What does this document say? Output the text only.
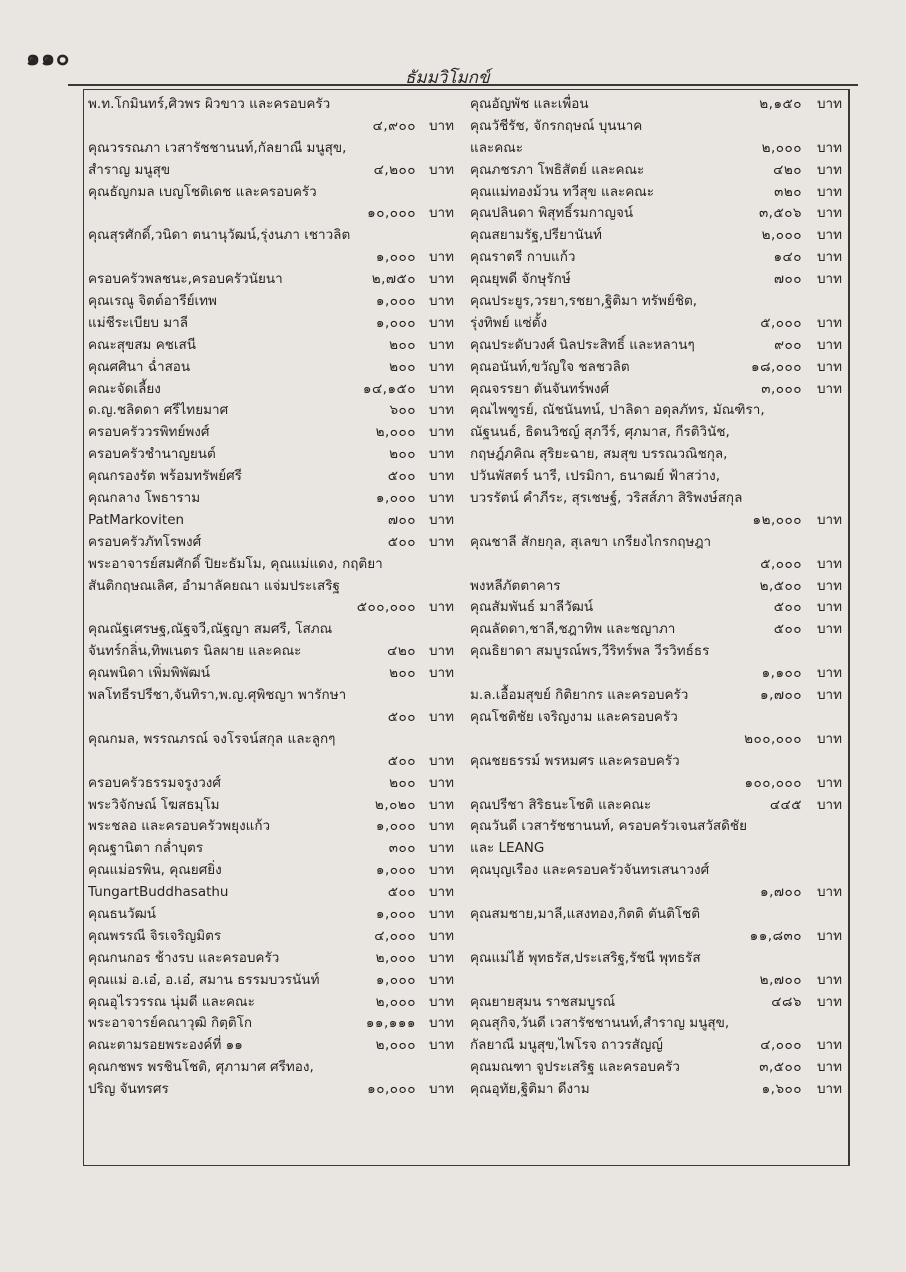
๑๑๐
ธัมมวิโมกข์
พ.ท.โกมินทร์,ศิวพร ผิวขาว และครอบครัว
๔,๙๐๐ บาท
คุณวรรณภา เวสารัชชานนท์,กัลยาณี มนูสุข,
สำราญ มนูสุข	๔,๒๐๐ บาท
คุณธัญกมล เบญโชติเดช และครอบครัว
๑๐,๐๐๐ บาท
คุณสุรศักดิ์,วนิดา ตนานุวัฒน์,รุ่งนภา เชาวลิต
๑,๐๐๐ บาท
ครอบครัวพลชนะ,ครอบครัวนัยนา	๒,๗๕๐ บาท
คุณเรณู จิตต์อารีย์เทพ	๑,๐๐๐ บาท
แม่ชีระเบียบ มาลี	๑,๐๐๐ บาท
คณะสุขสม คชเสนี	๒๐๐ บาท
คุณศศินา ฉ่ำสอน	๒๐๐ บาท
คณะจัดเลี้ยง	๑๔,๑๕๐ บาท
ด.ญ.ชลิดดา ศรีไทยมาศ	๖๐๐ บาท
ครอบครัววรพิทย์พงศ์	๒,๐๐๐ บาท
ครอบครัวชำนาญยนต์	๒๐๐ บาท
คุณกรองรัต พร้อมทรัพย์ศรี	๕๐๐ บาท
คุณกลาง โพธาราม	๑,๐๐๐ บาท
PatMarkoviten	๗๐๐ บาท
ครอบครัวภัทโรพงศ์	๕๐๐ บาท
พระอาจารย์สมศักดิ์ ปิยะธัมโม, คุณแม่แดง, กฤติยา
สันติกฤษณเลิศ, อำมาลัคยณา แจ่มประเสริฐ
๕๐๐,๐๐๐ บาท
คุณณัฐเศรษฐ,ณัฐจวี,ณัฐญา สมศรี, โสภณ
จันทร์กลิ่น,ทิพเนตร นิลผาย และคณะ	๔๒๐ บาท
คุณพนิดา เพิ่มพิพัฒน์	๒๐๐ บาท
พลโทธีรปรีชา,จันทิรา,พ.ญ.ศุพิชญา พารักษา
๕๐๐ บาท
คุณกมล, พรรณภรณ์ จงโรจน์สกุล และลูกๆ
๕๐๐ บาท
ครอบครัวธรรมจรูงวงศ์	๒๐๐ บาท
พระวิจักษณ์ โฆสธมฺโม	๒,๐๒๐ บาท
พระชลอ และครอบครัวพยุงแก้ว	๑,๐๐๐ บาท
คุณฐานิตา กล่ำบุตร	๓๐๐ บาท
คุณแม่อรพิน, คุณยศยิ่ง	๑,๐๐๐ บาท
TungartBuddhasathu	๕๐๐ บาท
คุณธนวัฒน์	๑,๐๐๐ บาท
คุณพรรณี จิรเจริญมิตร	๔,๐๐๐ บาท
คุณกนกอร ช้างรบ และครอบครัว	๒,๐๐๐ บาท
คุณแม่ อ.เอ๋, อ.เอ๋, สมาน ธรรมบวรนันท์	๑,๐๐๐ บาท
คุณอุไรวรรณ นุ่มดี และคณะ	๒,๐๐๐ บาท
พระอาจารย์คณาวุฒิ กิตฺติโก	๑๑,๑๑๑ บาท
คณะตามรอยพระองค์ที่ ๑๑	๒,๐๐๐ บาท
คุณกชพร พรชินโชติ, ศุภามาศ ศรีทอง,
ปริญ จันทรศร	๑๐,๐๐๐ บาท
คุณอัญพัช และเพื่อน	๒,๑๕๐ บาท
คุณวัชีรัช, จักรกฤษณ์ บุนนาค
และคณะ	๒,๐๐๐ บาท
คุณภชรภา โพธิสัตย์ และคณะ	๔๒๐ บาท
คุณแม่ทองม้วน ทวีสุข และคณะ	๓๒๐ บาท
คุณปลินดา พิสุทธิ์รมกาญจน์	๓,๕๐๖ บาท
คุณสยามรัฐ,ปรียานันท์	๒,๐๐๐ บาท
คุณราตรี กาบแก้ว	๑๔๐ บาท
คุณยุพดี จักษุรักษ์	๗๐๐ บาท
คุณประยูร,วรยา,รชยา,ฐิติมา ทรัพย์ชิต,
รุ่งทิพย์ แซ่ตั้ง	๕,๐๐๐ บาท
คุณประดับวงศ์ นิลประสิทธิ์ และหลานๆ	๙๐๐ บาท
คุณอนันท์,ขวัญใจ ชลชวลิต	๑๘,๐๐๐ บาท
คุณจรรยา ตันจันทร์พงศ์	๓,๐๐๐ บาท
คุณไพฑูรย์, ณัชนันทน์, ปาลิดา อดุลภัทร, มัณฑิรา,
ณัฐนนธ์, ธิดนวิชญ์ สุภวีร์, ศุภมาส, กีรติวินัช,
กฤษฎ์ภคิณ สุริยะฉาย, สมสุข บรรณวณิชกุล,
ปวันพัสตร์ นารี, เปรมิกา, ธนาฒย์ ฟ้าสว่าง,
บวรรัตน์ คำภีระ, สุรเชษฐ์, วริสส์ภา สิริพงษ์สกุล
๑๒,๐๐๐ บาท
คุณชาลี สักยกุล, สุเลขา เกรียงไกรกฤษฎา
๕,๐๐๐ บาท
พงหลีภัตตาคาร	๒,๕๐๐ บาท
คุณสัมพันธ์ มาลีวัฒน์	๕๐๐ บาท
คุณลัดดา,ชาลี,ชฎาทิพ และชญาภา	๕๐๐ บาท
คุณธิยาดา สมบูรณ์พร,วีริทร์พล วีรวิทธ์ธร
๑,๑๐๐ บาท
ม.ล.เอื้อมสุขย์ กิติยากร และครอบครัว	๑,๗๐๐ บาท
คุณโชติชัย เจริญงาม และครอบครัว
๒๐๐,๐๐๐ บาท
คุณชยธรรม์ พรหมศร และครอบครัว
๑๐๐,๐๐๐ บาท
คุณปรีชา สิริธนะโชติ และคณะ	๔๔๕ บาท
คุณวันดี เวสารัชชานนท์, ครอบครัวเจนสวัสดิชัย
และ LEANG
คุณบุญเรือง และครอบครัวจันทรเสนาวงศ์
๑,๗๐๐ บาท
คุณสมชาย,มาลี,แสงทอง,กิตติ ตันติโชติ
๑๑,๘๓๐ บาท
คุณแม่ไฮ้ พุทธรัส,ประเสริฐ,รัชนี พุทธรัส
๒,๗๐๐ บาท
คุณยายสุมน ราชสมบูรณ์	๔๘๖ บาท
คุณสุกิจ,วันดี เวสารัชชานนท์,สำราญ มนูสุข,
กัลยาณี มนูสุข,ไพโรจ ถาวรสัญญ์	๔,๐๐๐ บาท
คุณมณฑา จูประเสริฐ และครอบครัว	๓,๕๐๐ บาท
คุณอุทัย,ฐิติมา ดีงาม	๑,๖๐๐ บาท
